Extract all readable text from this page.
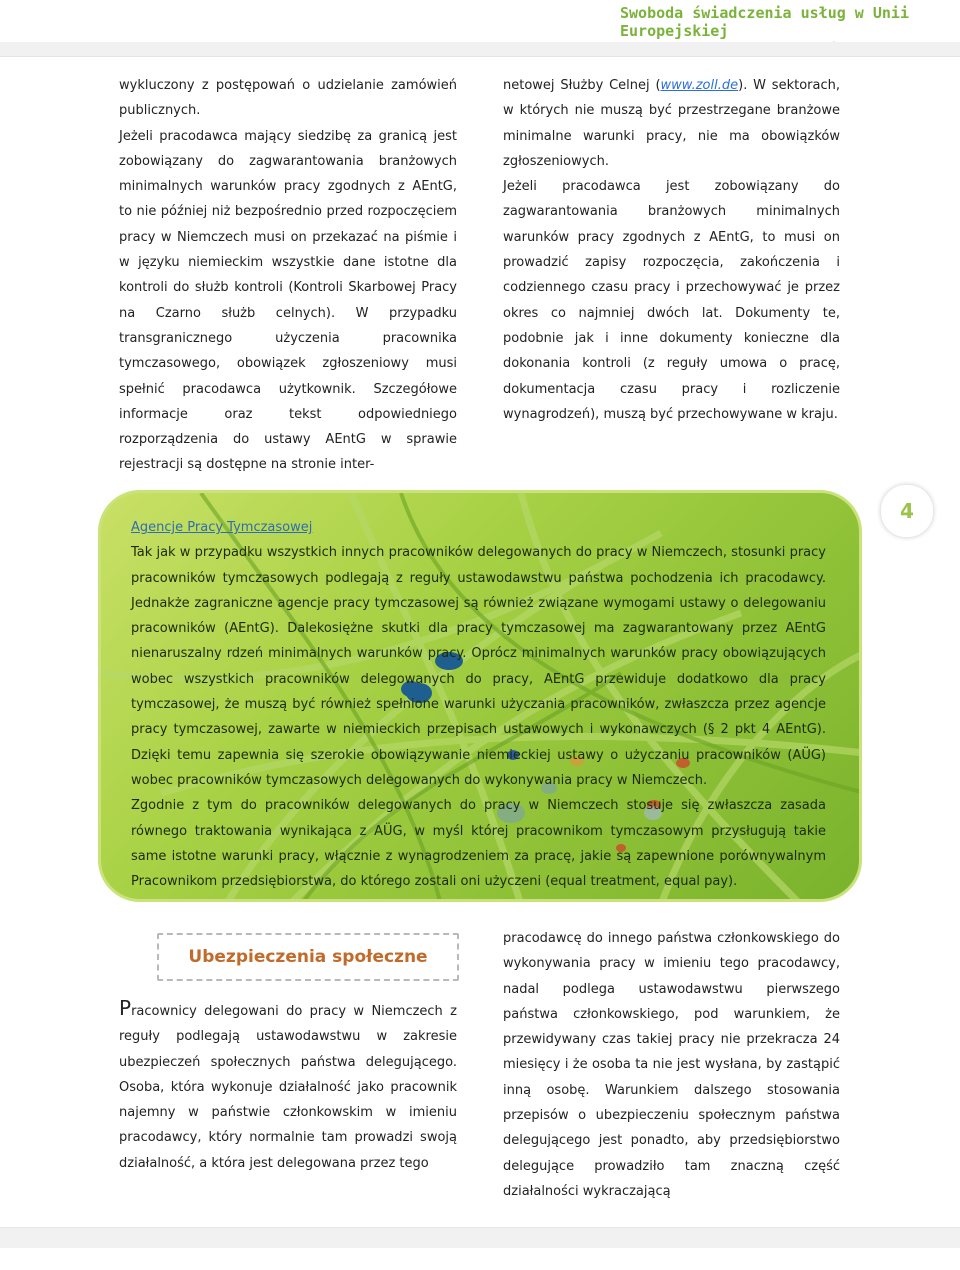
Swoboda świadczenia usług w Unii Europejskiej

wykluczony z postępowań o udzielanie zamówień publicznych.

Jeżeli pracodawca mający siedzibę za granicą jest zobowiązany do zagwarantowania branżowych minimalnych warunków pracy zgodnych z AEntG, to nie później niż bezpośrednio przed rozpoczęciem pracy w Niemczech musi on przekazać na piśmie i w języku niemieckim wszystkie dane istotne dla kontroli do służb kontroli (Kontroli Skarbowej Pracy na Czarno służb celnych). W przypadku transgranicznego użyczenia pracownika tymczasowego, obowiązek zgłoszeniowy musi spełnić pracodawca użytkownik. Szczegółowe informacje oraz tekst odpowiedniego rozporządzenia do ustawy AEntG w sprawie rejestracji są dostępne na stronie inter-

netowej Służby Celnej (www.zoll.de). W sektorach, w których nie muszą być przestrzegane branżowe minimalne warunki pracy, nie ma obowiązków zgłoszeniowych.

Jeżeli pracodawca jest zobowiązany do zagwarantowania branżowych minimalnych warunków pracy zgodnych z AEntG, to musi on prowadzić zapisy rozpoczęcia, zakończenia i codziennego czasu pracy i przechowywać je przez okres co najmniej dwóch lat. Dokumenty te, podobnie jak i inne dokumenty konieczne dla dokonania kontroli (z reguły umowa o pracę, dokumentacja czasu pracy i rozliczenie wynagrodzeń), muszą być przechowywane w kraju.

4
Agencje Pracy Tymczasowej
Tak jak w przypadku wszystkich innych pracowników delegowanych do pracy w Niemczech, stosunki pracy pracowników tymczasowych podlegają z reguły ustawodawstwu państwa pochodzenia ich pracodawcy. Jednakże zagraniczne agencje pracy tymczasowej są również związane wymogami ustawy o delegowaniu pracowników (AEntG). Dalekosiężne skutki dla pracy tymczasowej ma zagwarantowany przez AEntG nienaruszalny rdzeń minimalnych warunków pracy. Oprócz minimalnych warunków pracy obowiązujących wobec wszystkich pracowników delegowanych do pracy, AEntG przewiduje dodatkowo dla pracy tymczasowej, że muszą być również spełnione warunki użyczania pracowników, zwłaszcza przez agencje pracy tymczasowej, zawarte w niemieckich przepisach ustawowych i wykonawczych (§ 2 pkt 4 AEntG). Dzięki temu zapewnia się szerokie obowiązywanie niemieckiej ustawy o użyczaniu pracowników (AÜG) wobec pracowników tymczasowych delegowanych do wykonywania pracy w Niemczech.
Zgodnie z tym do pracowników delegowanych do pracy w Niemczech stosuje się zwłaszcza zasada równego traktowania wynikająca z AÜG, w myśl której pracownikom tymczasowym przysługują takie same istotne warunki pracy, włącznie z wynagrodzeniem za pracę, jakie są zapewnione porównywalnym Pracownikom przedsiębiorstwa, do którego zostali oni użyczeni (equal treatment, equal pay).
Ubezpieczenia społeczne

Pracownicy delegowani do pracy w Niemczech z reguły podlegają ustawodawstwu w zakresie ubezpieczeń społecznych państwa delegującego. Osoba, która wykonuje działalność jako pracownik najemny w państwie członkowskim w imieniu pracodawcy, który normalnie tam prowadzi swoją działalność, a która jest delegowana przez tego

pracodawcę do innego państwa członkowskiego do wykonywania pracy w imieniu tego pracodawcy, nadal podlega ustawodawstwu pierwszego państwa członkowskiego, pod warunkiem, że przewidywany czas takiej pracy nie przekracza 24 miesięcy i że osoba ta nie jest wysłana, by zastąpić inną osobę. Warunkiem dalszego stosowania przepisów o ubezpieczeniu społecznym państwa delegującego jest ponadto, aby przedsiębiorstwo delegujące prowadziło tam znaczną część działalności wykraczającą
